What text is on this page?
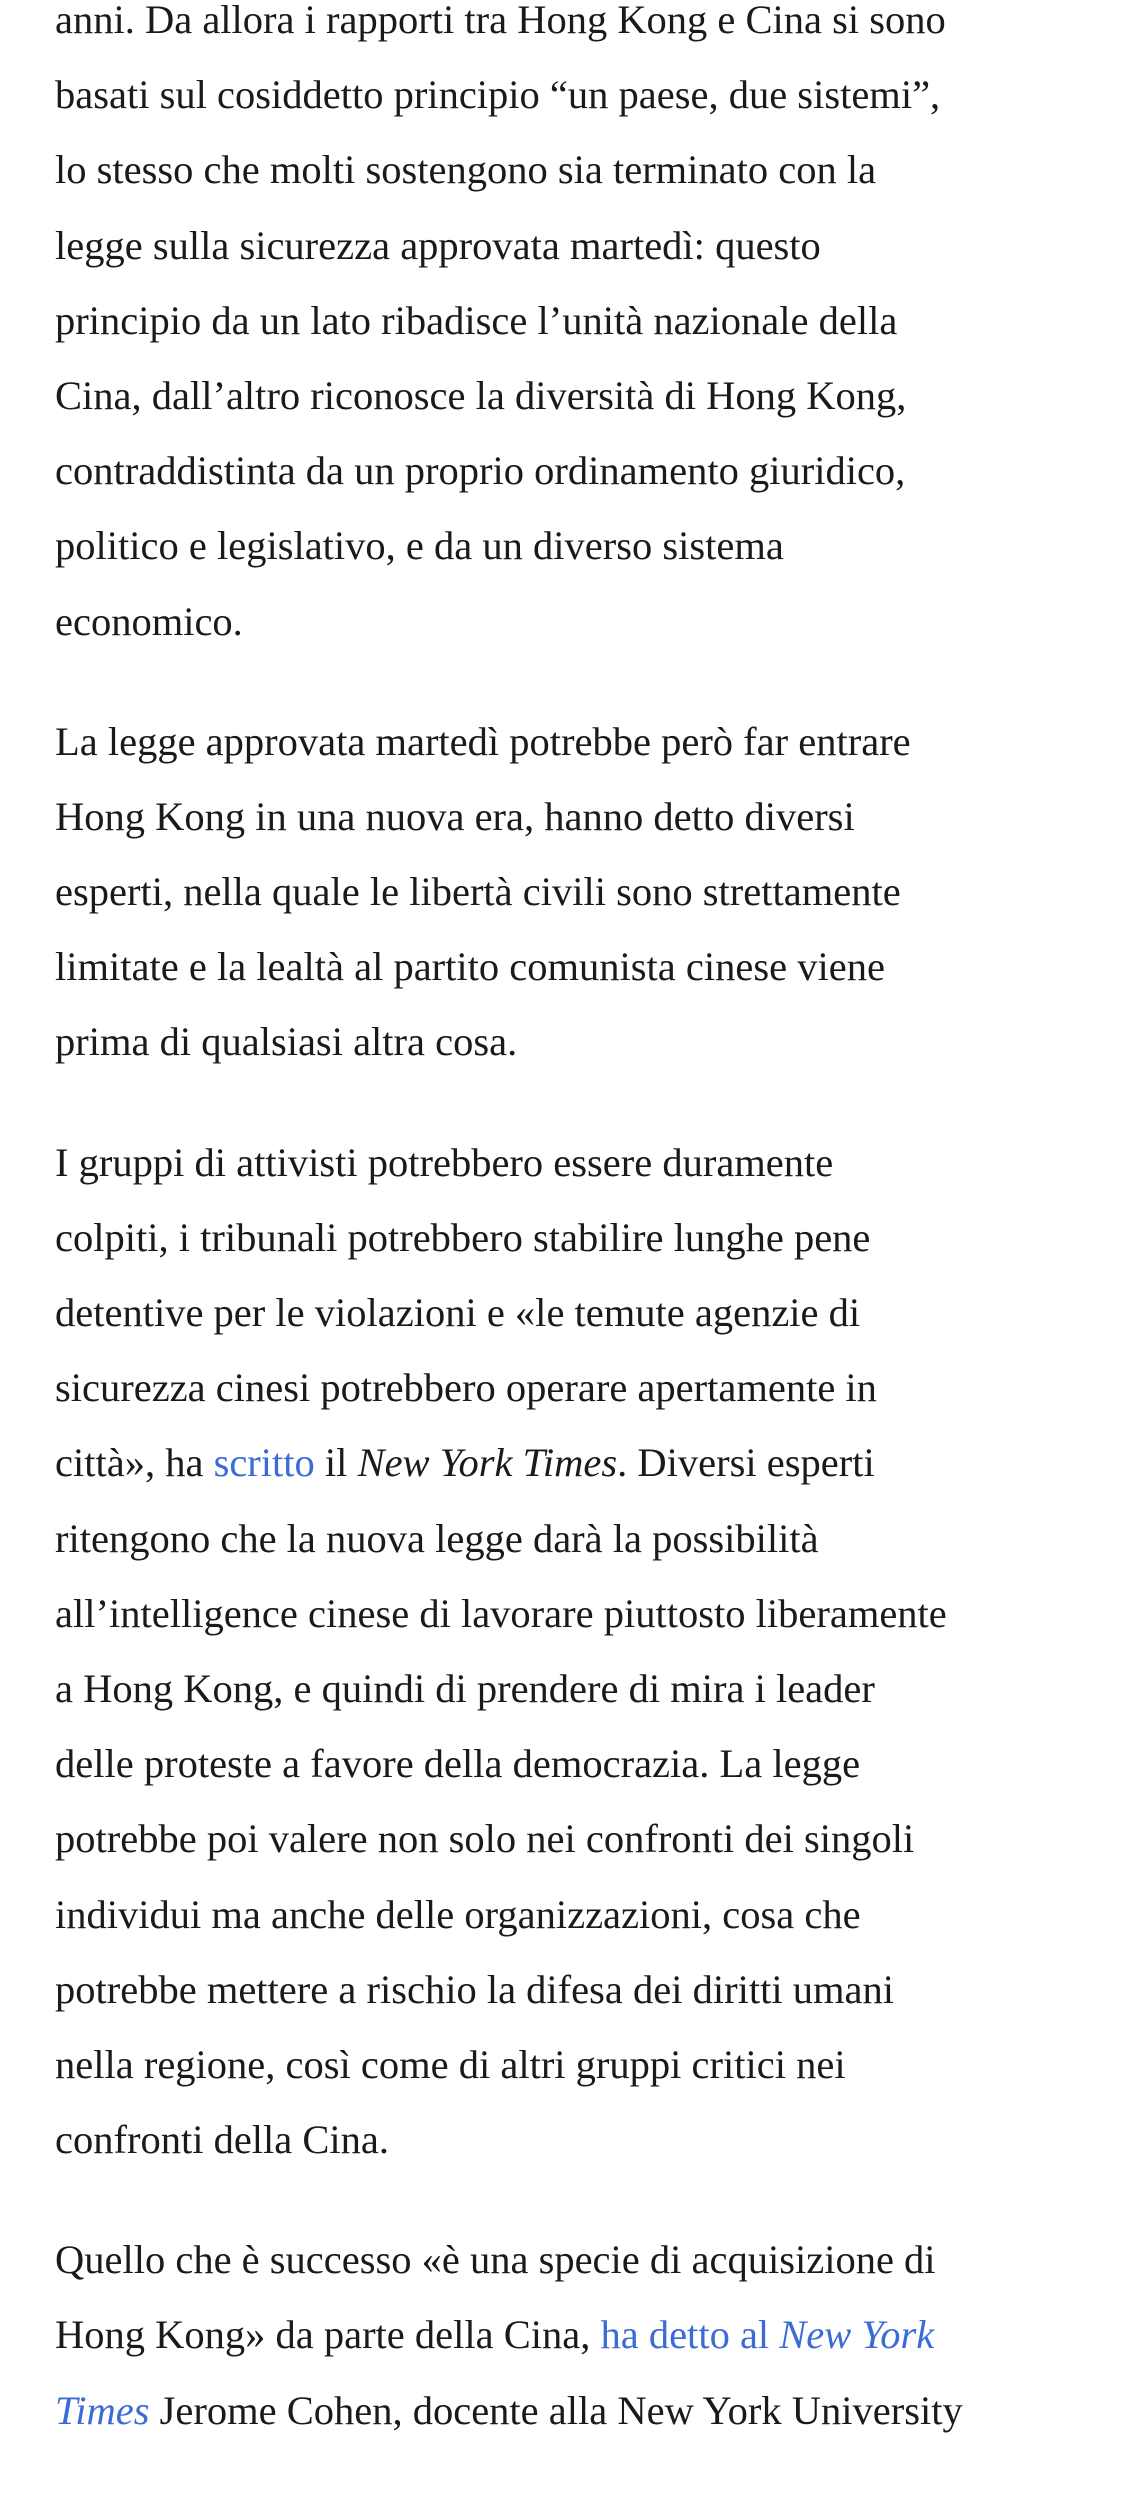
anni. Da allora i rapporti tra Hong Kong e Cina si sono
basati sul cosiddetto principio “un paese, due sistemi”,
lo stesso che molti sostengono sia terminato con la
legge sulla sicurezza approvata martedì: questo
principio da un lato ribadisce l’unità nazionale della
Cina, dall’altro riconosce la diversità di Hong Kong,
contraddistinta da un proprio ordinamento giuridico,
politico e legislativo, e da un diverso sistema
economico.

La legge approvata martedì potrebbe però far entrare
Hong Kong in una nuova era, hanno detto diversi
esperti, nella quale le libertà civili sono strettamente
limitate e la lealtà al partito comunista cinese viene
prima di qualsiasi altra cosa.

I gruppi di attivisti potrebbero essere duramente
colpiti, i tribunali potrebbero stabilire lunghe pene
detentive per le violazioni e «le temute agenzie di
sicurezza cinesi potrebbero operare apertamente in
città», ha scritto il New York Times. Diversi esperti
ritengono che la nuova legge darà la possibilità
all’intelligence cinese di lavorare piuttosto liberamente
a Hong Kong, e quindi di prendere di mira i leader
delle proteste a favore della democrazia. La legge
potrebbe poi valere non solo nei confronti dei singoli
individui ma anche delle organizzazioni, cosa che
potrebbe mettere a rischio la difesa dei diritti umani
nella regione, così come di altri gruppi critici nei
confronti della Cina.

Quello che è successo «è una specie di acquisizione di
Hong Kong» da parte della Cina, ha detto al New York
Times Jerome Cohen, docente alla New York University
